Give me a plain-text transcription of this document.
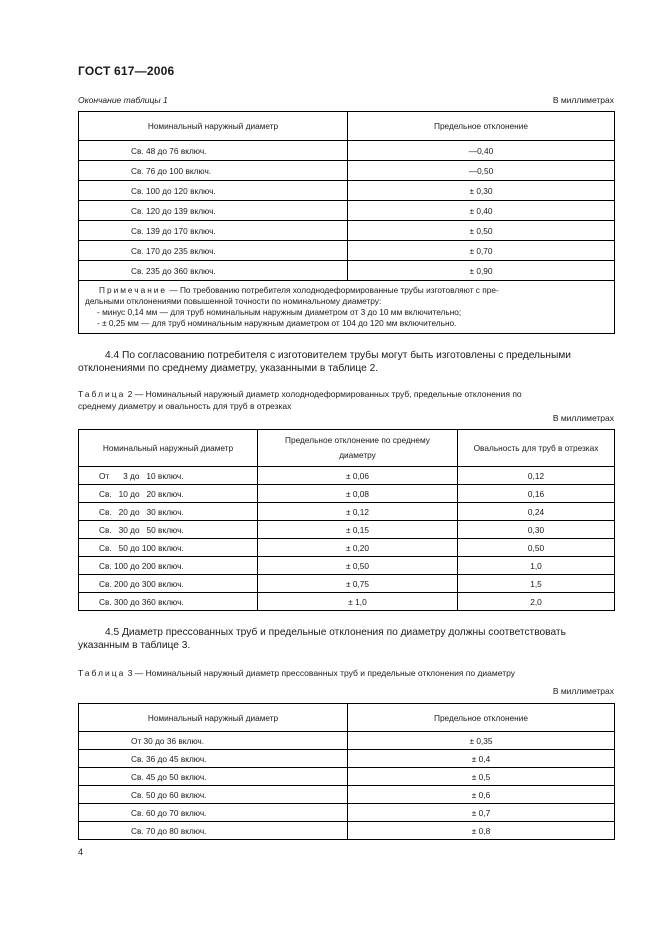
ГОСТ 617—2006
Окончание таблицы 1	В миллиметрах
Номинальный наружный диаметр	Предельное отклонение
Св. 48 до 76 включ.	—0,40
Св. 76 до 100 включ.	—0,50
Св. 100 до 120 включ.	± 0,30
Св. 120 до 139 включ.	± 0,40
Св. 139 до 170 включ.	± 0,50
Св. 170 до 235 включ.	± 0,70
Св. 235 до 360 включ.	± 0,90

Примечание — По требованию потребителя холоднодеформированные трубы изготовляют с пре-
дельными отклонениями повышенной точности по номинальному диаметру:
- минус 0,14 мм — для труб номинальным наружным диаметром от 3 до 10 мм включительно;
- ± 0,25 мм — для труб номинальным наружным диаметром от 104 до 120 мм включительно.	
4.4 По согласованию потребителя с изготовителем трубы могут быть изготовлены с предельными
отклонениями по среднему диаметру, указанными в таблице 2.
Таблица 2 — Номинальный наружный диаметр холоднодеформированных труб, предельные отклонения по
среднему диаметру и овальность для труб в отрезках
В миллиметрах
Номинальный наружный диаметр	Предельное отклонение по среднему диаметру	Овальность для труб в отрезках
От      3 до   10 включ.	± 0,06	0,12
Св.   10 до   20 включ.	± 0,08	0,16
Св.   20 до   30 включ.	± 0,12	0,24
Св.   30 до   50 включ.	± 0,15	0,30
Св.   50 до 100 включ.	± 0,20	0,50
Св. 100 до 200 включ.	± 0,50	1,0
Св. 200 до 300 включ.	± 0,75	1,5
Св. 300 до 360 включ.	± 1,0	2,0
4.5 Диаметр прессованных труб и предельные отклонения по диаметру должны соответствовать
указанным в таблице 3.
Таблица 3 — Номинальный наружный диаметр прессованных труб и предельные отклонения по диаметру
В миллиметрах
Номинальный наружный диаметр	Предельное отклонение
От 30 до 36 включ.	± 0,35
Св. 36 до 45 включ.	± 0,4
Св. 45 до 50 включ.	± 0,5
Св. 50 до 60 включ.	± 0,6
Св. 60 до 70 включ.	± 0,7
Св. 70 до 80 включ.	± 0,8
4
